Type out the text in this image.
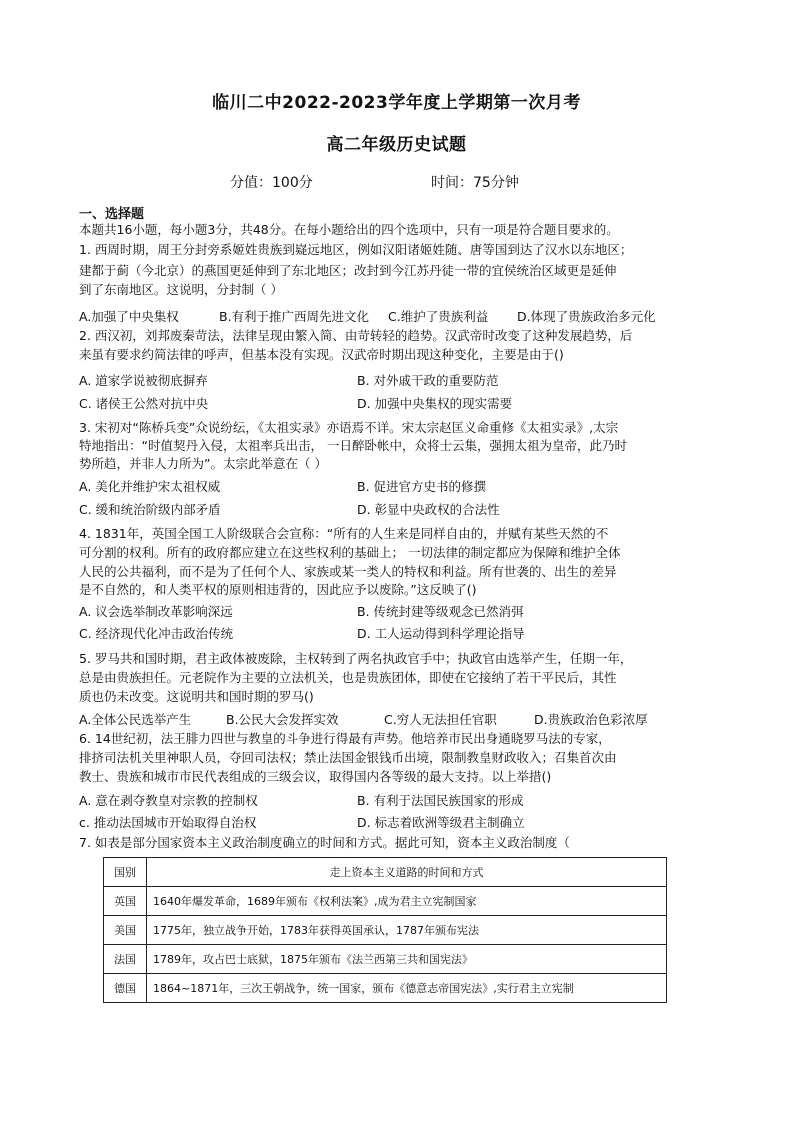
临川二中2022-2023学年度上学期第一次月考
高二年级历史试题
分值：100分	时间：75分钟
一、选择题
本题共16小题，每小题3分，共48分。在每小题给出的四个选项中，只有一项是符合题目要求的。
1. 西周时期，周王分封旁系姬姓贵族到嶷远地区，例如汉阳诸姬姓随、唐等国到达了汉水以东地区；
建都于蓟（今北京）的燕国更延伸到了东北地区；改封到今江苏丹徒一带的宜侯统治区域更是延伸
到了东南地区。这说明，分封制（ ）
A.加强了中央集权	B.有利于推广西周先进文化 C.维护了贵族利益 D.体现了贵族政治多元化
2. 西汉初，刘邦废秦苛法，法律呈现由繁入简、由苛转轻的趋势。汉武帝时改变了这种发展趋势，后
来虽有要求约简法律的呼声，但基本没有实现。汉武帝时期出现这种变化，主要是由于()
A. 道家学说被彻底摒弃	B. 对外戚干政的重要防范
C. 诸侯王公然对抗中央	D. 加强中央集权的现实需要
3. 宋初对“陈桥兵变”众说纷纭，《太祖实录》亦语焉不详。宋太宗赵匡义命重修《太祖实录》,太宗
特地指出：“时值契丹入侵，太祖率兵出击， 一日醉卧帐中，众将士云集，强拥太祖为皇帝，此乃时
势所趋，并非人力所为”。太宗此举意在（ ）
A. 美化并维护宋太祖权威	B. 促进官方史书的修撰
C. 缓和统治阶级内部矛盾	D. 彰显中央政权的合法性
4. 1831年，英国全国工人阶级联合会宣称：“所有的人生来是同样自由的，并赋有某些天然的不
可分割的权利。所有的政府都应建立在这些权利的基础上； 一切法律的制定都应为保障和维护全体
人民的公共福利，而不是为了任何个人、家族或某一类人的特权和利益。所有世袭的、出生的差异
是不自然的，和人类平权的原则相违背的，因此应予以废除。”这反映了()
A. 议会选举制改革影响深远	B. 传统封建等级观念已然消弭
C. 经济现代化冲击政治传统	D. 工人运动得到科学理论指导
5. 罗马共和国时期，君主政体被废除，主权转到了两名执政官手中；执政官由选举产生，任期一年，
总是由贵族担任。元老院作为主要的立法机关，也是贵族团体，即使在它接纳了若干平民后，其性
质也仍未改变。这说明共和国时期的罗马()
A.全体公民选举产生	B.公民大会发挥实效	C.穷人无法担任官职	D.贵族政治色彩浓厚
6. 14世纪初，法王腓力四世与教皇的斗争进行得最有声势。他培养市民出身通晓罗马法的专家，
排挤司法机关里神职人员，夺回司法权；禁止法国金银钱币出境，限制教皇财政收入；召集首次由
教士、贵族和城市市民代表组成的三级会议，取得国内各等级的最大支持。以上举措()
A. 意在剥夺教皇对宗教的控制权	B. 有利于法国民族国家的形成
c. 推动法国城市开始取得自治权	D. 标志着欧洲等级君主制确立
7. 如表是部分国家资本主义政治制度确立的时间和方式。据此可知，资本主义政治制度（
国别	走上资本主义道路的时间和方式
英国	1640年爆发革命，1689年颁布《权利法案》,成为君主立宪制国家
美国	1775年，独立战争开始，1783年获得英国承认，1787年颁布宪法
法国	1789年，攻占巴士底狱，1875年颁布《法兰西第三共和国宪法》
德国	1864~1871年，三次王朝战争，统一国家，颁布《德意志帝国宪法》,实行君主立宪制
